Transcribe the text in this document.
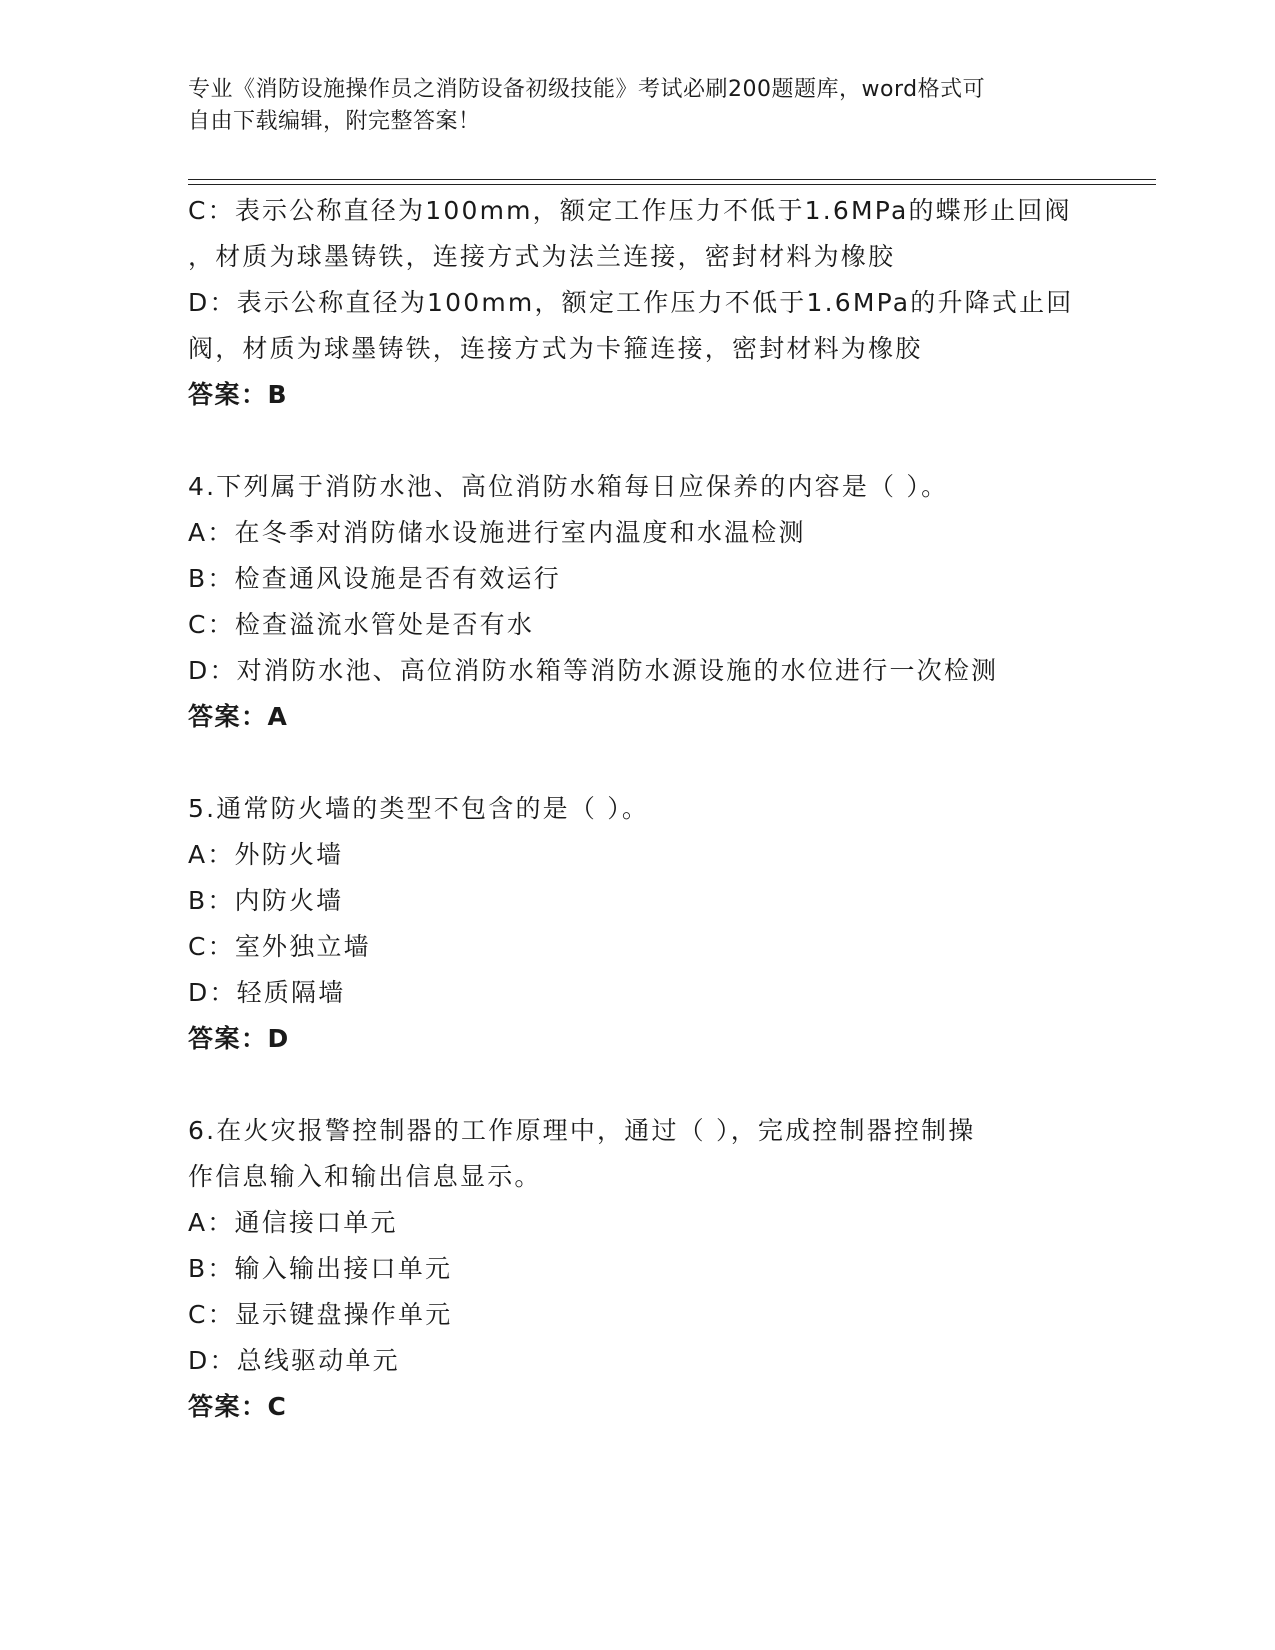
专业《消防设施操作员之消防设备初级技能》考试必刷200题题库，word格式可
自由下载编辑，附完整答案！
C：表示公称直径为100mm，额定工作压力不低于1.6MPa的蝶形止回阀
，材质为球墨铸铁，连接方式为法兰连接，密封材料为橡胶
D：表示公称直径为100mm，额定工作压力不低于1.6MPa的升降式止回
阀，材质为球墨铸铁，连接方式为卡箍连接，密封材料为橡胶
答案：B
4.下列属于消防水池、高位消防水箱每日应保养的内容是（ ）。
A：在冬季对消防储水设施进行室内温度和水温检测
B：检查通风设施是否有效运行
C：检查溢流水管处是否有水
D：对消防水池、高位消防水箱等消防水源设施的水位进行一次检测
答案：A
5.通常防火墙的类型不包含的是（ ）。
A：外防火墙
B：内防火墙
C：室外独立墙
D：轻质隔墙
答案：D
6.在火灾报警控制器的工作原理中，通过（ ），完成控制器控制操
作信息输入和输出信息显示。
A：通信接口单元
B：输入输出接口单元
C：显示键盘操作单元
D：总线驱动单元
答案：C
